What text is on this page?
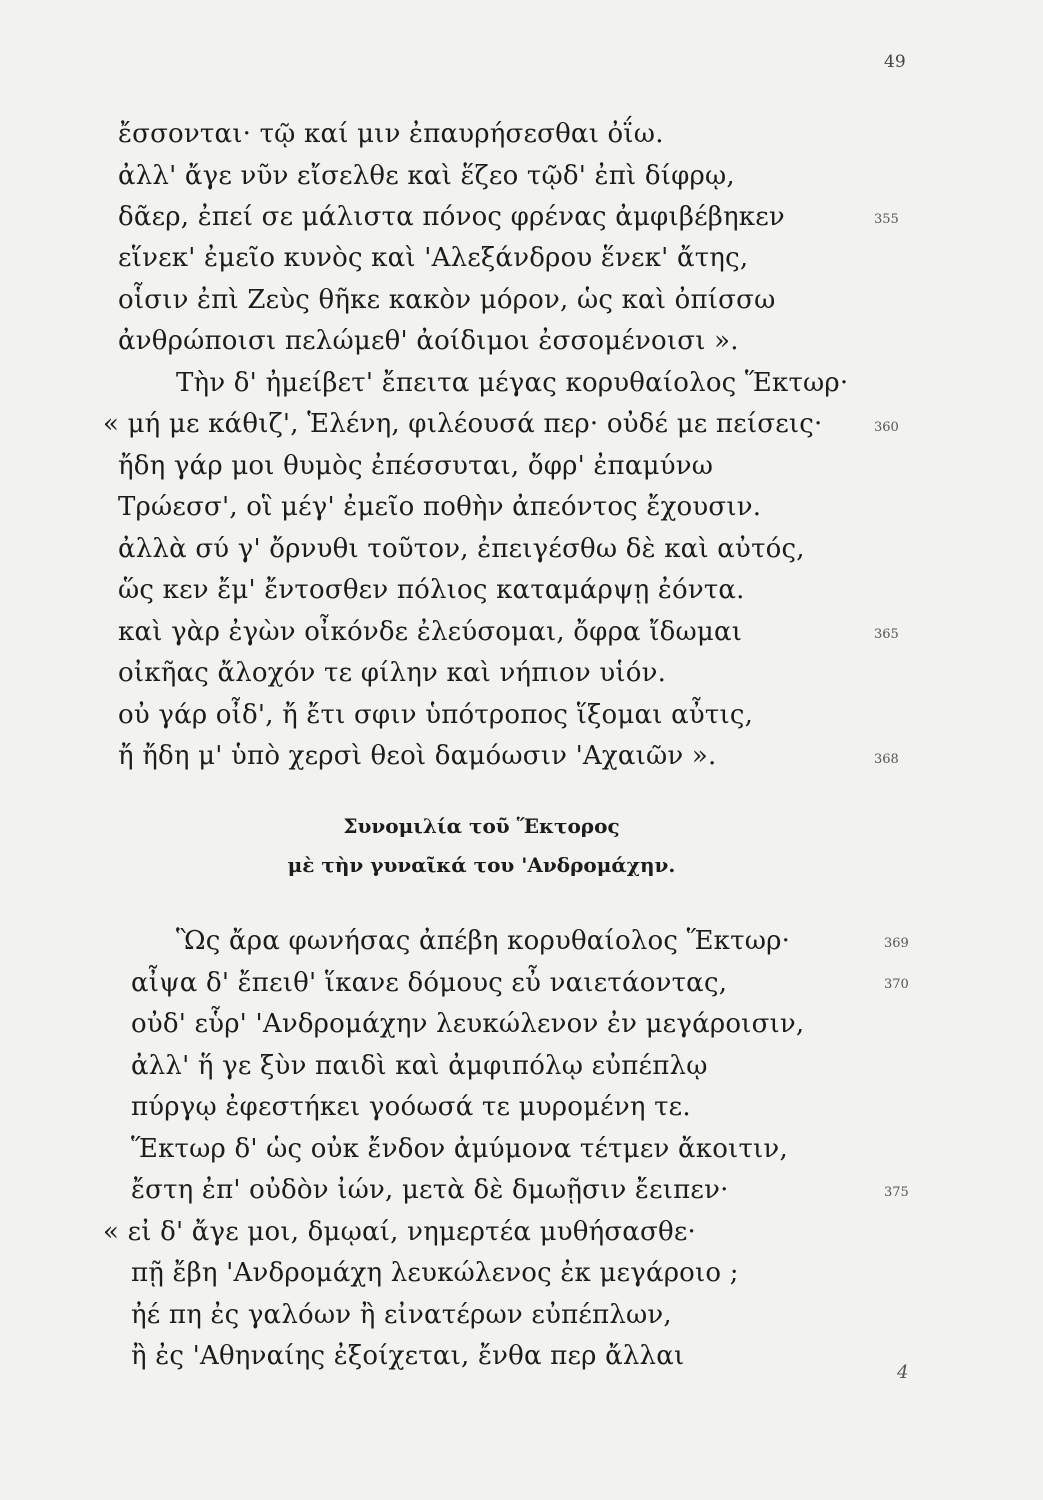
49
ἔσσονται· τῷ καί μιν ἐπαυρήσεσθαι ὀΐω.
ἀλλ' ἄγε νῦν εἴσελθε καὶ ἕζεο τῷδ' ἐπὶ δίφρῳ,
δᾶερ, ἐπεί σε μάλιστα πόνος φρένας ἀμφιβέβηκεν
εἵνεκ' ἐμεῖο κυνὸς καὶ 'Αλεξάνδρου ἕνεκ' ἄτης,
οἷσιν ἐπὶ Ζεὺς θῆκε κακὸν μόρον, ὡς καὶ ὀπίσσω
ἀνθρώποισι πελώμεθ' ἀοίδιμοι ἐσσομένοισι ».
Τὴν δ' ἠμείβετ' ἔπειτα μέγας κορυθαίολος Ἕκτωρ·
« μή με κάθιζ', Ἑλένη, φιλέουσά περ· οὐδέ με πείσεις·
ἤδη γάρ μοι θυμὸς ἐπέσσυται, ὄφρ' ἐπαμύνω
Τρώεσσ', οἳ μέγ' ἐμεῖο ποθὴν ἀπεόντος ἔχουσιν.
ἀλλὰ σύ γ' ὄρνυθι τοῦτον, ἐπειγέσθω δὲ καὶ αὐτός,
ὥς κεν ἔμ' ἔντοσθεν πόλιος καταμάρψῃ ἐόντα.
καὶ γὰρ ἐγὼν οἶκόνδε ἐλεύσομαι, ὄφρα ἴδωμαι
οἰκῆας ἄλοχόν τε φίλην καὶ νήπιον υἱόν.
οὐ γάρ οἶδ', ἤ ἔτι σφιν ὑπότροπος ἵξομαι αὖτις,
ἤ ἤδη μ' ὑπὸ χερσὶ θεοὶ δαμόωσιν 'Αχαιῶν ».
355
360
365
368
Συνομιλία τοῦ Ἕκτορος
μὲ τὴν γυναῖκά του 'Ανδρομάχην.
Ὣς ἄρα φωνήσας ἀπέβη κορυθαίολος Ἕκτωρ·
αἶψα δ' ἔπειθ' ἵκανε δόμους εὖ ναιετάοντας,
οὐδ' εὗρ' 'Ανδρομάχην λευκώλενον ἐν μεγάροισιν,
ἀλλ' ἥ γε ξὺν παιδὶ καὶ ἀμφιπόλῳ εὐπέπλῳ
πύργῳ ἐφεστήκει γοόωσά τε μυρομένη τε.
Ἕκτωρ δ' ὡς οὐκ ἔνδον ἀμύμονα τέτμεν ἄκοιτιν,
ἔστη ἐπ' οὐδὸν ἰών, μετὰ δὲ δμωῇσιν ἔειπεν·
« εἰ δ' ἄγε μοι, δμῳαί, νημερτέα μυθήσασθε·
πῇ ἔβη 'Ανδρομάχη λευκώλενος ἐκ μεγάροιο ;
ἠέ πη ἐς γαλόων ἢ εἰνατέρων εὐπέπλων,
ἢ ἐς 'Αθηναίης ἐξοίχεται, ἔνθα περ ἄλλαι
369
370
375
4
